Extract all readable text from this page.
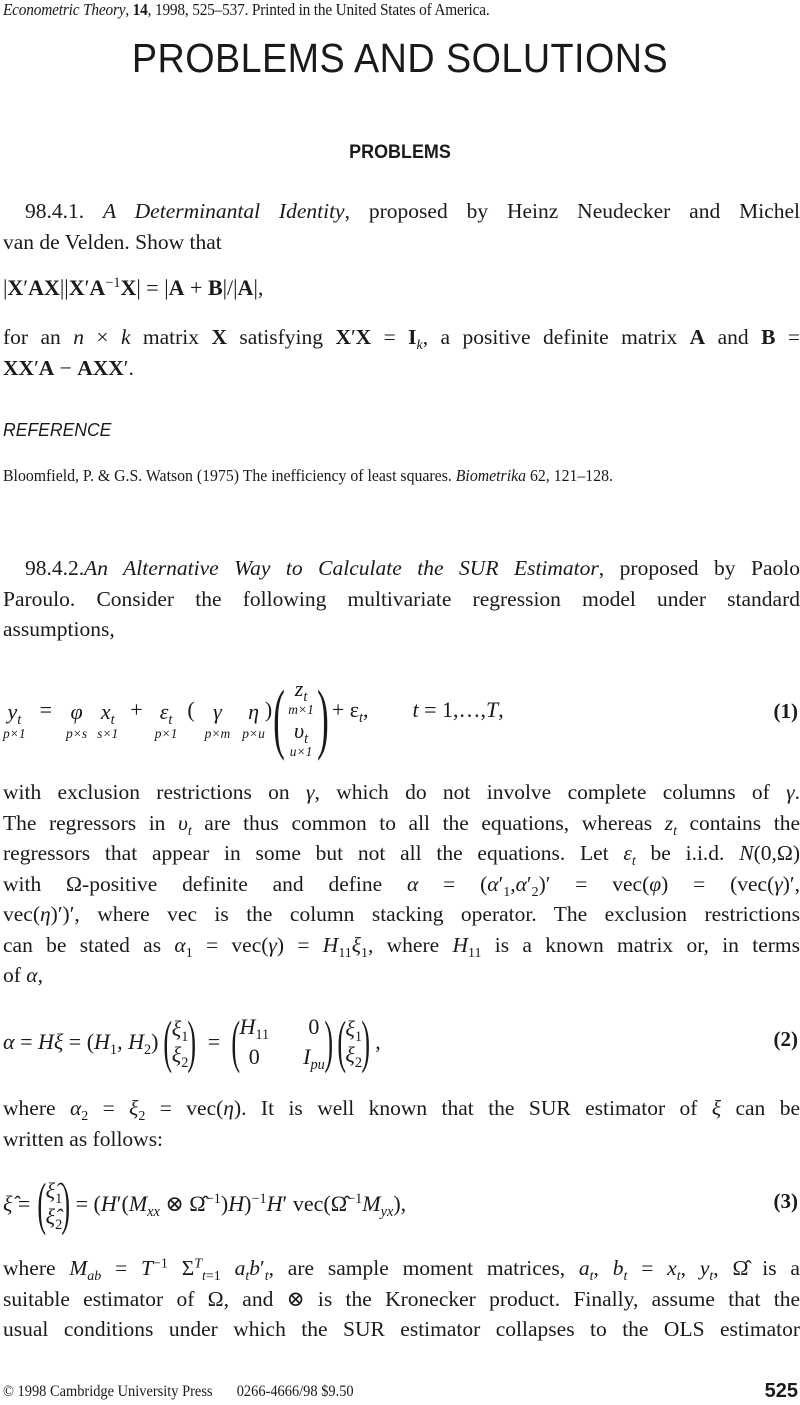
Econometric Theory, 14, 1998, 525–537. Printed in the United States of America.
PROBLEMS AND SOLUTIONS
PROBLEMS
98.4.1. A Determinantal Identity, proposed by Heinz Neudecker and Michel
van de Velden. Show that
$|X'AX||X'A^{-1}X| = |A + B|/|A|$,
for an n × k matrix X satisfying $X'X = I_k$, a positive definite matrix A and B =
XX′A − AXX′.
REFERENCE
Bloomfield, P. & G.S. Watson (1975) The inefficiency of least squares. Biometrika 62, 121–128.
98.4.2.An Alternative Way to Calculate the SUR Estimator, proposed by Paolo
Paroulo. Consider the following multivariate regression model under standard
assumptions,
$y_t$
p×1
= φ
p×s
$x_t$
s×1
+ $\varepsilon_t$
p×1
( γ
p×m
η
p×u
) ( $z_t$
m×1
$\upsilon_t$
u×1 ) + $\varepsilon_t$, t = 1,…,T,	(1)
with exclusion restrictions on γ, which do not involve complete columns of γ.
The regressors in $\upsilon_t$ are thus common to all the equations, whereas $z_t$ contains the
regressors that appear in some but not all the equations. Let $\varepsilon_t$ be i.i.d. N(0,Ω)
with Ω-positive definite and define $\alpha = (\alpha'_1,\alpha'_2)' = vec(\varphi) = (vec(\gamma)'$,
vec(η)′)′, where vec is the column stacking operator. The exclusion restrictions
can be stated as $\alpha_1 = vec(\gamma) = H_{11}\xi_1$, where $H_{11}$ is a known matrix or, in terms
of α,
$\alpha = H\xi = (H_1$, $H_2$) ( $\xi_1$
$\xi_2$ ) = ( $H_{11}$ 0
0	$I_{pu}$ ) ( $\xi_1$
$\xi_2$ ) ,	(2)
where $\alpha_2 = \xi_2 = vec(\eta)$. It is well known that the SUR estimator of ξ can be
written as follows:
ξ̂ = ( $\xî_1$
$\xî_2$ ) = ($H'(M_{xx}$ ⊗ Ω̂$^{-1}$)H)$^{-1}$H′ $vec(\Omegâ^{-1}M_{yx})$,	(3)
where $M_{ab} = T^{-1}$ $\Sigma^T_{t=1}$ $a_tb'_t$, are sample moment matrices, $a_t$, $b_t = x_t$, $y_t$, Ω̂ is a
suitable estimator of Ω, and ⊗ is the Kronecker product. Finally, assume that the
usual conditions under which the SUR estimator collapses to the OLS estimator
© 1998 Cambridge University Press 0266-4666/98 $9.50	525
